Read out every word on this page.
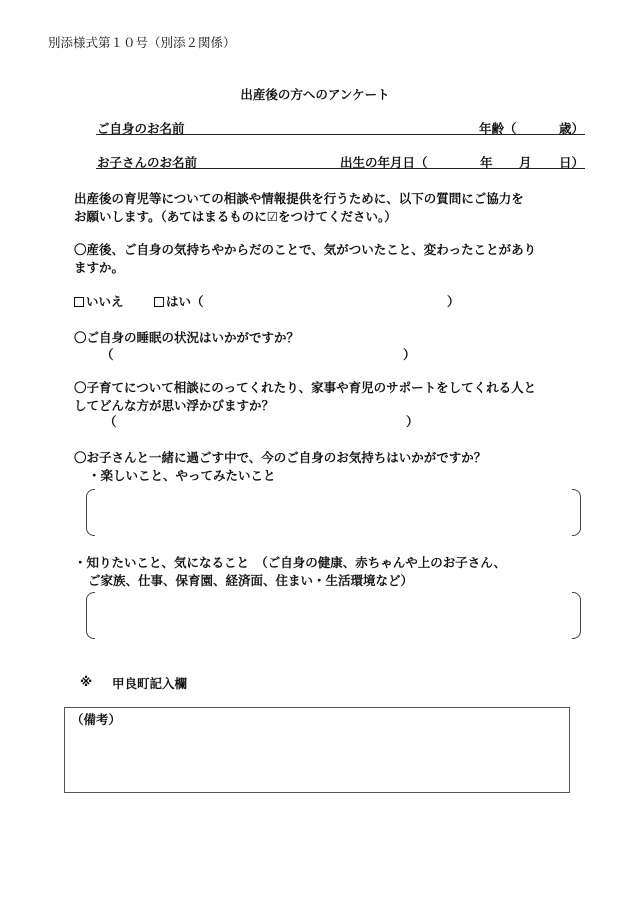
別添様式第１０号（別添２関係）
出産後の方へのアンケート
ご自身のお名前	年齢（	歳）
お子さんのお名前	出生の年月日（	年 月 日）
出産後の育児等についての相談や情報提供を行うために、以下の質問にご協力を
お願いします。（あてはまるものに☑をつけてください。）
〇産後、ご自身の気持ちやからだのことで、気がついたこと、変わったことがあり
ますか。
いいえ	はい（	）
〇ご自身の睡眠の状況はいかがですか？
（	）
〇子育てについて相談にのってくれたり、家事や育児のサポートをしてくれる人と
してどんな方が思い浮かびますか？
（	）
〇お子さんと一緒に過ごす中で、今のご自身のお気持ちはいかがですか？
・楽しいこと、やってみたいこと
・知りたいこと、気になること　（ご自身の健康、赤ちゃんや上のお子さん、
ご家族、仕事、保育園、経済面、住まい・生活環境など）
※ 甲良町記入欄
（備考）
